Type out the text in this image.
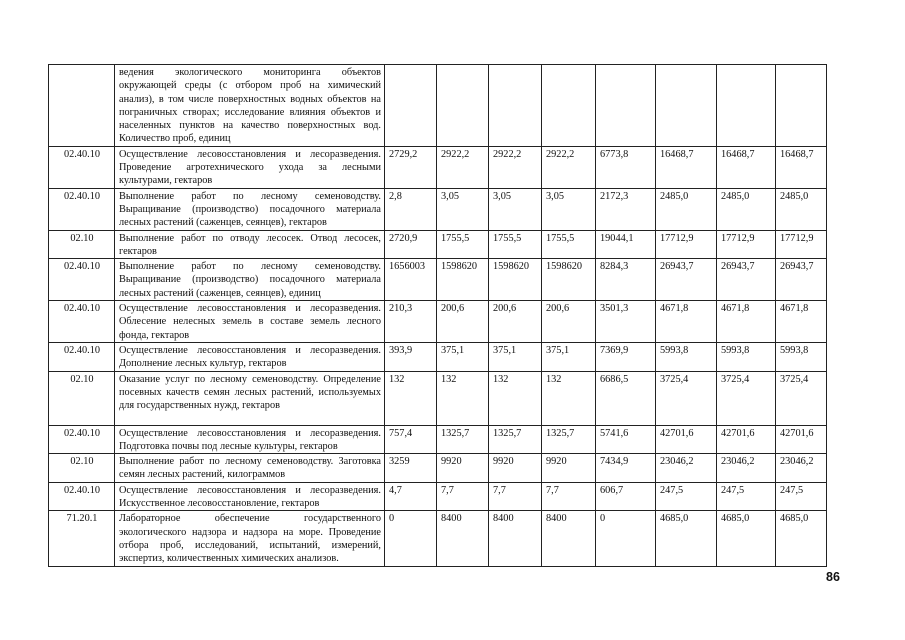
	ведения экологического мониторинга объектов окружающей среды (с отбором проб на химический анализ), в том числе поверхностных водных объектов на пограничных створах; исследование влияния объектов и населенных пунктов на качество поверхностных вод. Количество проб, единиц								
02.40.10	Осуществление лесовосстановления и лесоразведения. Проведение агротехнического ухода за лесными культурами, гектаров	2729,2	2922,2	2922,2	2922,2	6773,8	16468,7	16468,7	16468,7
02.40.10	Выполнение работ по лесному семеноводству. Выращивание (производство) посадочного материала лесных растений (саженцев, сеянцев), гектаров	2,8	3,05	3,05	3,05	2172,3	2485,0	2485,0	2485,0
02.10	Выполнение работ по отводу лесосек. Отвод лесосек, гектаров	2720,9	1755,5	1755,5	1755,5	19044,1	17712,9	17712,9	17712,9
02.40.10	Выполнение работ по лесному семеноводству. Выращивание (производство) посадочного материала лесных растений (саженцев, сеянцев), единиц	1656003	1598620	1598620	1598620	8284,3	26943,7	26943,7	26943,7
02.40.10	Осуществление лесовосстановления и лесоразведения. Облесение нелесных земель в составе земель лесного фонда, гектаров	210,3	200,6	200,6	200,6	3501,3	4671,8	4671,8	4671,8
02.40.10	Осуществление лесовосстановления и лесоразведения. Дополнение лесных культур, гектаров	393,9	375,1	375,1	375,1	7369,9	5993,8	5993,8	5993,8
02.10	Оказание услуг по лесному семеноводству. Определение посевных качеств семян лесных растений, используемых для государственных нужд, гектаров	132	132	132	132	6686,5	3725,4	3725,4	3725,4
02.40.10	Осуществление лесовосстановления и лесоразведения. Подготовка почвы под лесные культуры, гектаров	757,4	1325,7	1325,7	1325,7	5741,6	42701,6	42701,6	42701,6
02.10	Выполнение работ по лесному семеноводству. Заготовка семян лесных растений, килограммов	3259	9920	9920	9920	7434,9	23046,2	23046,2	23046,2
02.40.10	Осуществление лесовосстановления и лесоразведения. Искусственное лесовосстановление, гектаров	4,7	7,7	7,7	7,7	606,7	247,5	247,5	247,5
71.20.1	Лабораторное обеспечение государственного экологического надзора и надзора на море. Проведение отбора проб, исследований, испытаний, измерений, экспертиз, количественных химических анализов.	0	8400	8400	8400	0	4685,0	4685,0	4685,0
86
